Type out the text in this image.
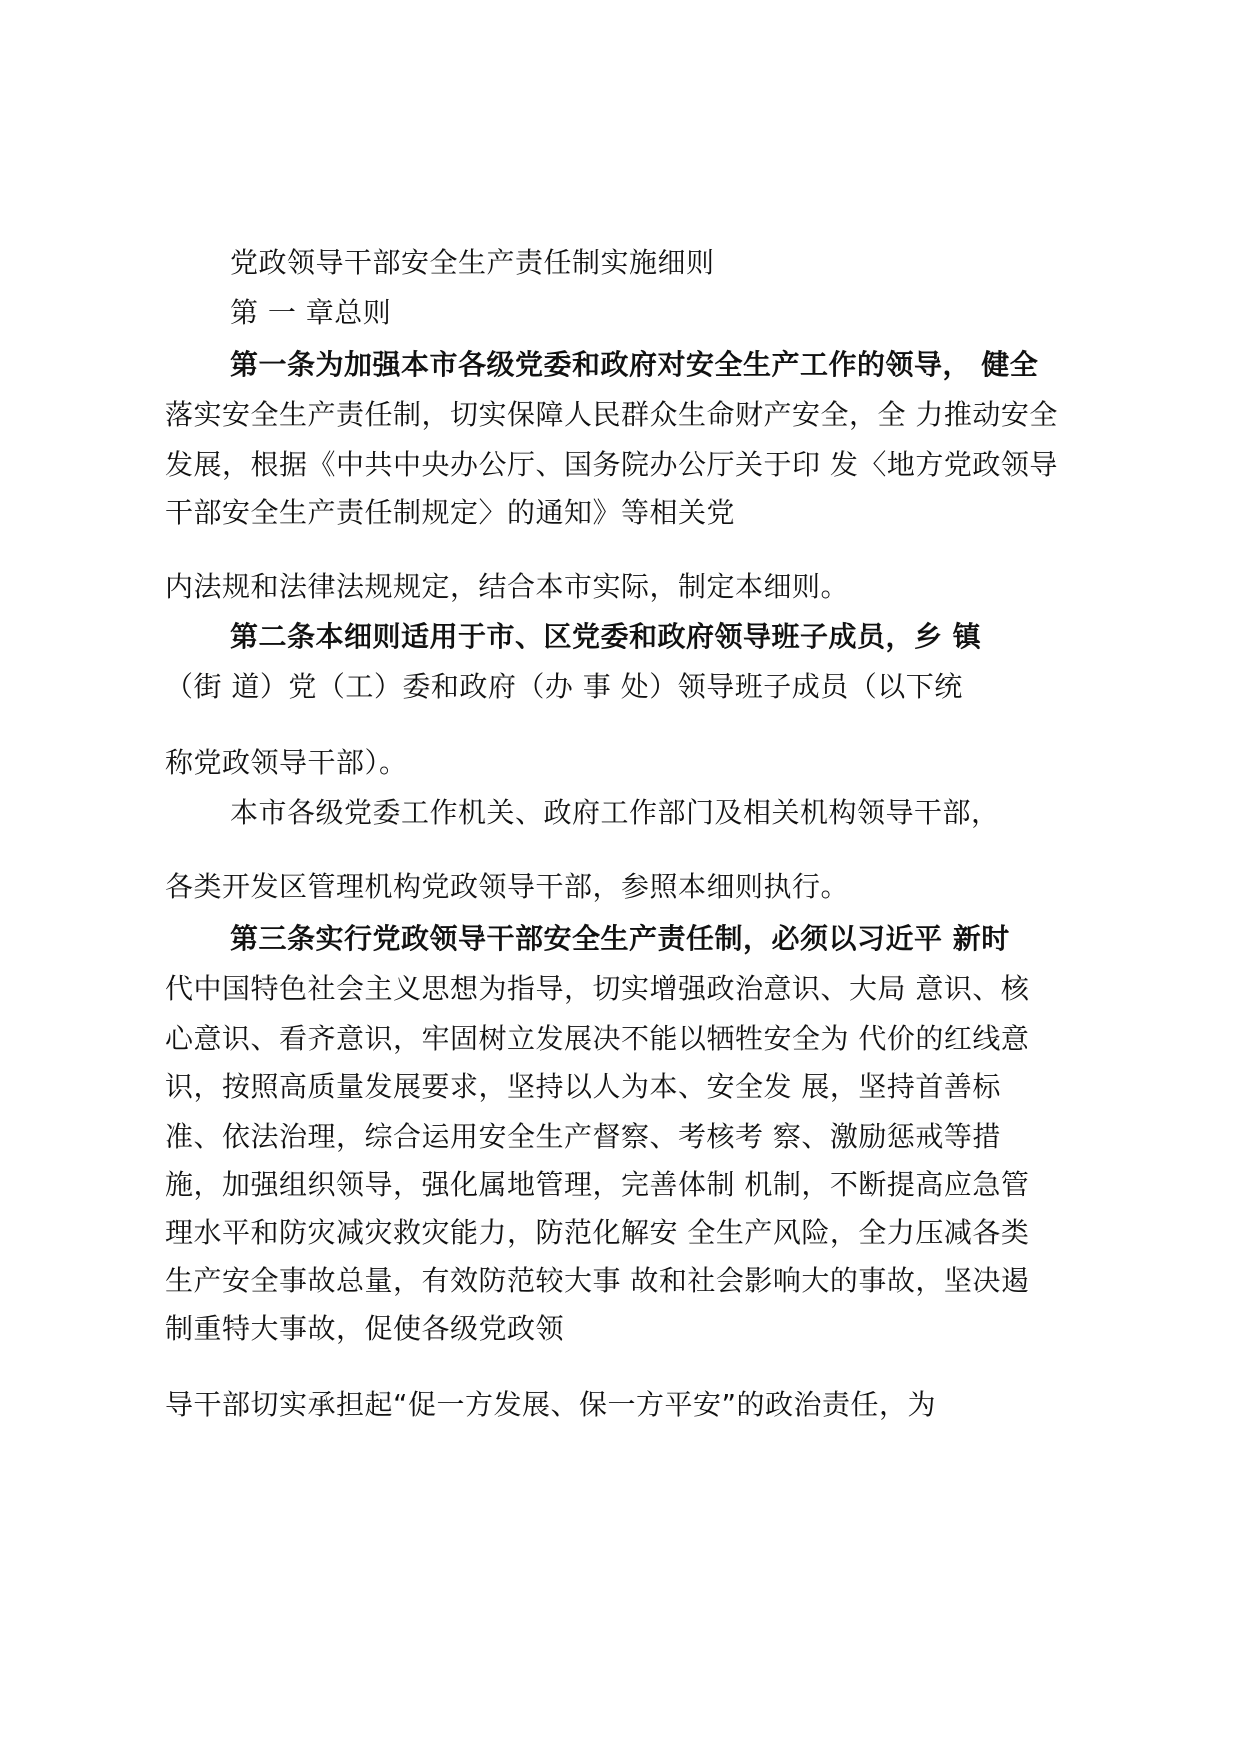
党政领导干部安全生产责任制实施细则
第 一 章总则
第一条为加强本市各级党委和政府对安全生产工作的领导， 健全
落实安全生产责任制，切实保障人民群众生命财产安全，全 力推动安全
发展，根据《中共中央办公厅、国务院办公厅关于印 发〈地方党政领导
干部安全生产责任制规定〉的通知》等相关党
内法规和法律法规规定，结合本市实际，制定本细则。
第二条本细则适用于市、区党委和政府领导班子成员，乡 镇
（街 道）党（工）委和政府（办 事 处）领导班子成员（以下统
称党政领导干部）。
本市各级党委工作机关、政府工作部门及相关机构领导干部，
各类开发区管理机构党政领导干部，参照本细则执行。
第三条实行党政领导干部安全生产责任制，必须以习近平 新时
代中国特色社会主义思想为指导，切实增强政治意识、大局 意识、核
心意识、看齐意识，牢固树立发展决不能以牺牲安全为 代价的红线意
识，按照高质量发展要求，坚持以人为本、安全发 展，坚持首善标
准、依法治理，综合运用安全生产督察、考核考 察、激励惩戒等措
施，加强组织领导，强化属地管理，完善体制 机制，不断提高应急管
理水平和防灾减灾救灾能力，防范化解安 全生产风险，全力压减各类
生产安全事故总量，有效防范较大事 故和社会影响大的事故，坚决遏
制重特大事故，促使各级党政领
导干部切实承担起“促一方发展、保一方平安”的政治责任，为
